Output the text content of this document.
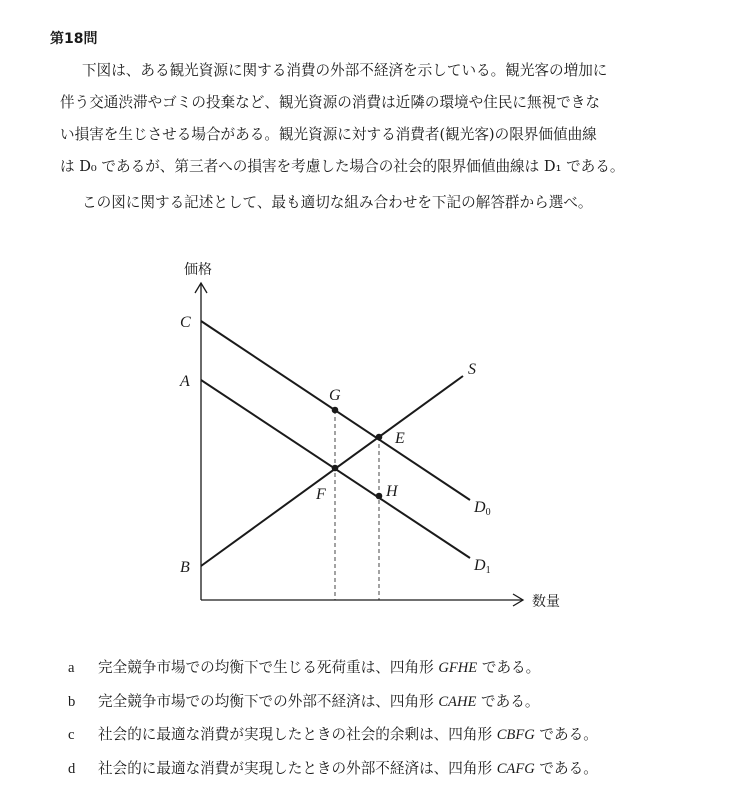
第18問
下図は、ある観光資源に関する消費の外部不経済を示している。観光客の増加に
伴う交通渋滞やゴミの投棄など、観光資源の消費は近隣の環境や住民に無視できな
い損害を生じさせる場合がある。観光資源に対する消費者(観光客)の限界価値曲線
は D₀ であるが、第三者への損害を考慮した場合の社会的限界価値曲線は D₁ である。
この図に関する記述として、最も適切な組み合わせを下記の解答群から選べ。
価格
数量
C
A
B
G
E
F	H
S
D0
D1
a 完全競争市場での均衡下で生じる死荷重は、四角形 GFHE である。
b 完全競争市場での均衡下での外部不経済は、四角形 CAHE である。
c 社会的に最適な消費が実現したときの社会的余剰は、四角形 CBFG である。
d 社会的に最適な消費が実現したときの外部不経済は、四角形 CAFG である。
